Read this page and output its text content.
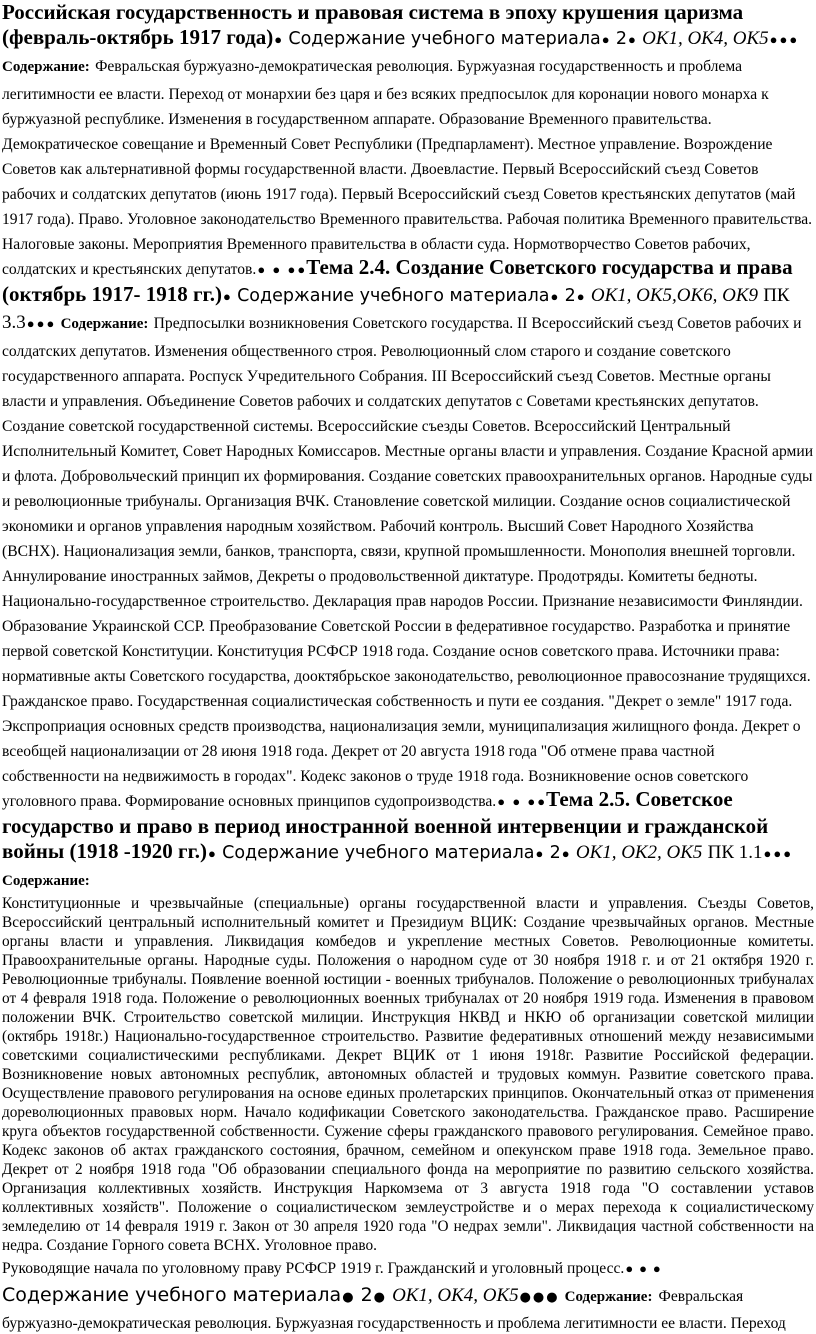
Российская государственность и правовая система в эпоху крушения царизма (февраль-октябрь 1917 года)● Содержание учебного материала● 2● ОК1, ОК4, ОК5● ● ● Содержание: Февральская буржуазно-демократическая революция. Буржуазная государственность и проблема легитимности ее власти. Переход от монархии без царя и без всяких предпосылок для коронации нового монарха к буржуазной республике. Изменения в государственном аппарате. Образование Временного правительства. Демократическое совещание и Временный Совет Республики (Предпарламент). Местное управление. Возрождение Советов как альтернативной формы государственной власти. Двоевластие. Первый Всероссийский съезд Советов рабочих и солдатских депутатов (июнь 1917 года). Первый Всероссийский съезд Советов крестьянских депутатов (май 1917 года). Право. Уголовное законодательство Временного правительства. Рабочая политика Временного правительства. Налоговые законы. Мероприятия Временного правительства в области суда. Нормотворчество Советов рабочих, солдатских и крестьянских депутатов.● ● ● ●Тема 2.4. Создание Советского государства и права (октябрь 1917- 1918 гг.)● Содержание учебного материала● 2● ОК1, ОК5,ОК6, ОК9 ПК 3.3● ● ● Содержание: Предпосылки возникновения Советского государства. II Всероссийский съезд Советов рабочих и солдатских депутатов. Изменения общественного строя. Революционный слом старого и создание советского государственного аппарата. Роспуск Учредительного Собрания. III Всероссийский съезд Советов. Местные органы власти и управления. Объединение Советов рабочих и солдатских депутатов с Советами крестьянских депутатов. Создание советской государственной системы. Всероссийские съезды Советов. Всероссийский Центральный Исполнительный Комитет, Совет Народных Комиссаров. Местные органы власти и управления. Создание Красной армии и флота. Добровольческий принцип их формирования. Создание советских правоохранительных органов. Народные суды и революционные трибуналы. Организация ВЧК. Становление советской милиции. Создание основ социалистической экономики и органов управления народным хозяйством. Рабочий контроль. Высший Совет Народного Хозяйства (ВСНХ). Национализация земли, банков, транспорта, связи, крупной промышленности. Монополия внешней торговли. Аннулирование иностранных займов, Декреты о продовольственной диктатуре. Продотряды. Комитеты бедноты. Национально-государственное строительство. Декларация прав народов России. Признание независимости Финляндии. Образование Украинской ССР. Преобразование Советской России в федеративное государство. Разработка и принятие первой советской Конституции. Конституция РСФСР 1918 года. Создание основ советского права. Источники права: нормативные акты Советского государства, дооктябрьское законодательство, революционное правосознание трудящихся. Гражданское право. Государственная социалистическая собственность и пути ее создания. "Декрет о земле" 1917 года. Экспроприация основных средств производства, национализация земли, муниципализация жилищного фонда. Декрет о всеобщей национализации от 28 июня 1918 года. Декрет от 20 августа 1918 года "Об отмене права частной собственности на недвижимость в городах". Кодекс законов о труде 1918 года. Возникновение основ советского уголовного права. Формирование основных принципов судопроизводства.● ● ● ●Тема 2.5. Советское государство и право в период иностранной военной интервенции и гражданской войны (1918 -1920 гг.)● Содержание учебного материала● 2● ОК1, ОК2, ОК5 ПК 1.1● ● ● Содержание:
Конституционные и чрезвычайные (специальные) органы государственной власти и управления. Съезды Советов, Всероссийский центральный исполнительный комитет и Президиум ВЦИК: Создание чрезвычайных органов. Местные органы власти и управления. Ликвидация комбедов и укрепление местных Советов. Революционные комитеты. Правоохранительные органы. Народные суды. Положения о народном суде от 30 ноября 1918 г. и от 21 октября 1920 г. Революционные трибуналы. Появление военной юстиции - военных трибуналов. Положение о революционных трибуналах от 4 февраля 1918 года. Положение о революционных военных трибуналах от 20 ноября 1919 года. Изменения в правовом положении ВЧК. Строительство советской милиции. Инструкция НКВД и НКЮ об организации советской милиции (октябрь 1918г.) Национально-государственное строительство. Развитие федеративных отношений между независимыми советскими социалистическими республиками. Декрет ВЦИК от 1 июня 1918г. Развитие Российской федерации. Возникновение новых автономных республик, автономных областей и трудовых коммун. Развитие советского права. Осуществление правового регулирования на основе единых пролетарских принципов. Окончательный отказ от применения дореволюционных правовых норм. Начало кодификации Советского законодательства. Гражданское право. Расширение круга объектов государственной собственности. Сужение сферы гражданского правового регулирования. Семейное право. Кодекс законов об актах гражданского состояния, брачном, семейном и опекунском праве 1918 года. Земельное право. Декрет от 2 ноября 1918 года "Об образовании специального фонда на мероприятие по развитию сельского хозяйства. Организация коллективных хозяйств. Инструкция Наркомзема от 3 августа 1918 года "О составлении уставов коллективных хозяйств". Положение о социалистическом землеустройстве и о мерах перехода к социалистическому земледелию от 14 февраля 1919 г. Закон от 30 апреля 1920 года "О недрах земли". Ликвидация частной собственности на недра. Создание Горного совета ВСНХ. Уголовное право.
Руководящие начала по уголовному праву РСФСР 1919 г. Гражданский и уголовный процесс.● ● ●
Содержание учебного материала● 2● ОК1, ОК4, ОК5● ● ● Содержание: Февральская буржуазно-демократическая революция. Буржуазная государственность и проблема легитимности ее власти. Переход
